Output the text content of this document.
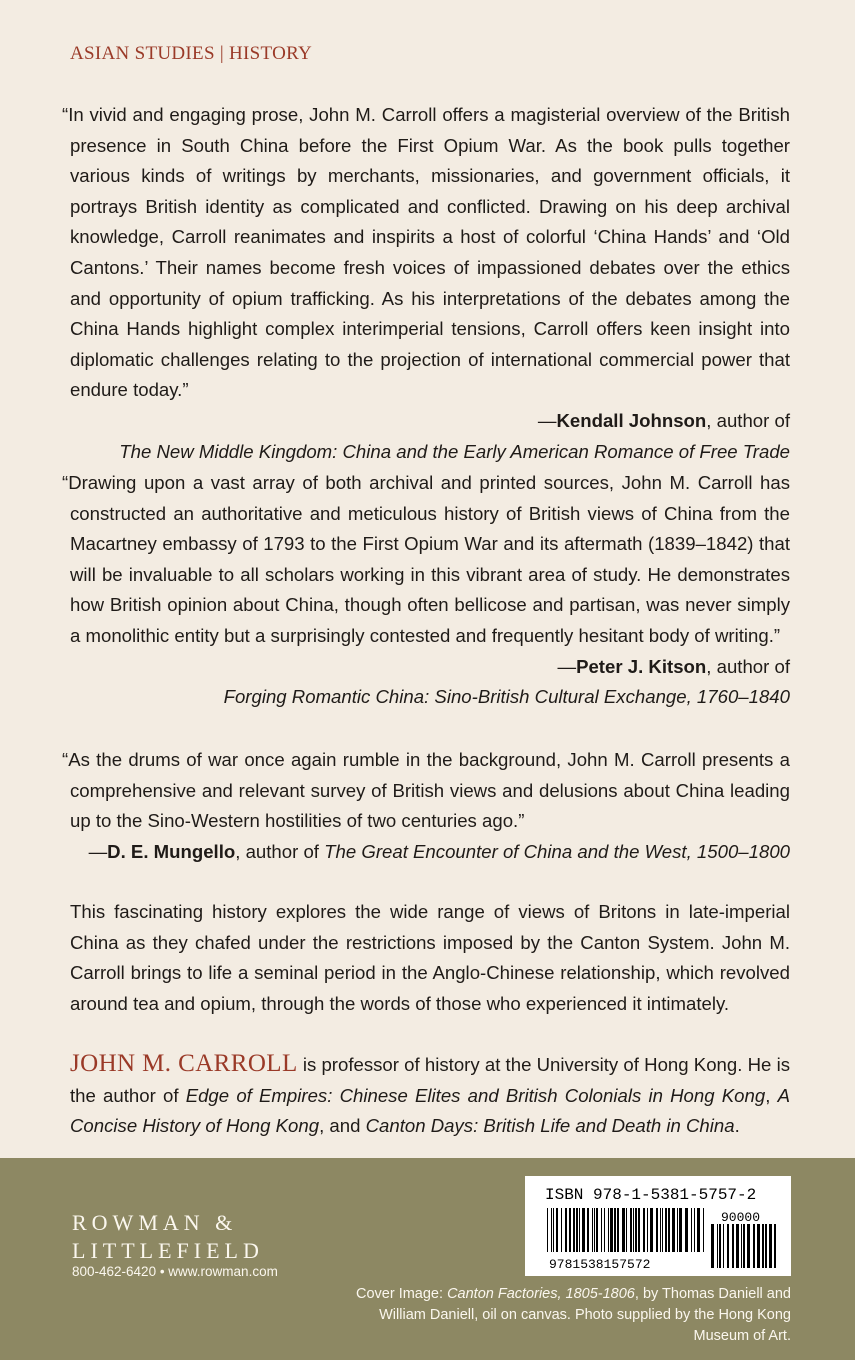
ASIAN STUDIES | HISTORY
“In vivid and engaging prose, John M. Carroll offers a magisterial overview of the British presence in South China before the First Opium War. As the book pulls together various kinds of writings by merchants, missionaries, and government officials, it portrays British identity as complicated and conflicted. Drawing on his deep archival knowledge, Carroll reanimates and inspirits a host of colorful ‘China Hands’ and ‘Old Cantons.’ Their names become fresh voices of impassioned debates over the ethics and opportunity of opium trafficking. As his interpretations of the debates among the China Hands highlight complex interimperial tensions, Carroll offers keen insight into diplomatic challenges relating to the projection of international commercial power that endure today.”
—Kendall Johnson, author of
The New Middle Kingdom: China and the Early American Romance of Free Trade
“Drawing upon a vast array of both archival and printed sources, John M. Carroll has constructed an authoritative and meticulous history of British views of China from the Macartney embassy of 1793 to the First Opium War and its aftermath (1839–1842) that will be invaluable to all scholars working in this vibrant area of study. He demonstrates how British opinion about China, though often bellicose and partisan, was never simply a monolithic entity but a surprisingly contested and frequently hesitant body of writing.”
—Peter J. Kitson, author of
Forging Romantic China: Sino-British Cultural Exchange, 1760–1840
“As the drums of war once again rumble in the background, John M. Carroll presents a comprehensive and relevant survey of British views and delusions about China leading up to the Sino-Western hostilities of two centuries ago.”
—D. E. Mungello, author of The Great Encounter of China and the West, 1500–1800
This fascinating history explores the wide range of views of Britons in late-imperial China as they chafed under the restrictions imposed by the Canton System. John M. Carroll brings to life a seminal period in the Anglo-Chinese relationship, which revolved around tea and opium, through the words of those who experienced it intimately.
JOHN M. CARROLL is professor of history at the University of Hong Kong. He is the author of Edge of Empires: Chinese Elites and British Colonials in Hong Kong, A Concise History of Hong Kong, and Canton Days: British Life and Death in China.
ROWMAN &
LITTLEFIELD
800-462-6420 • www.rowman.com
ISBN 978-1-5381-5757-2
9781538157572
90000
Cover Image: Canton Factories, 1805-1806, by Thomas Daniell and William Daniell, oil on canvas. Photo supplied by the Hong Kong Museum of Art.
